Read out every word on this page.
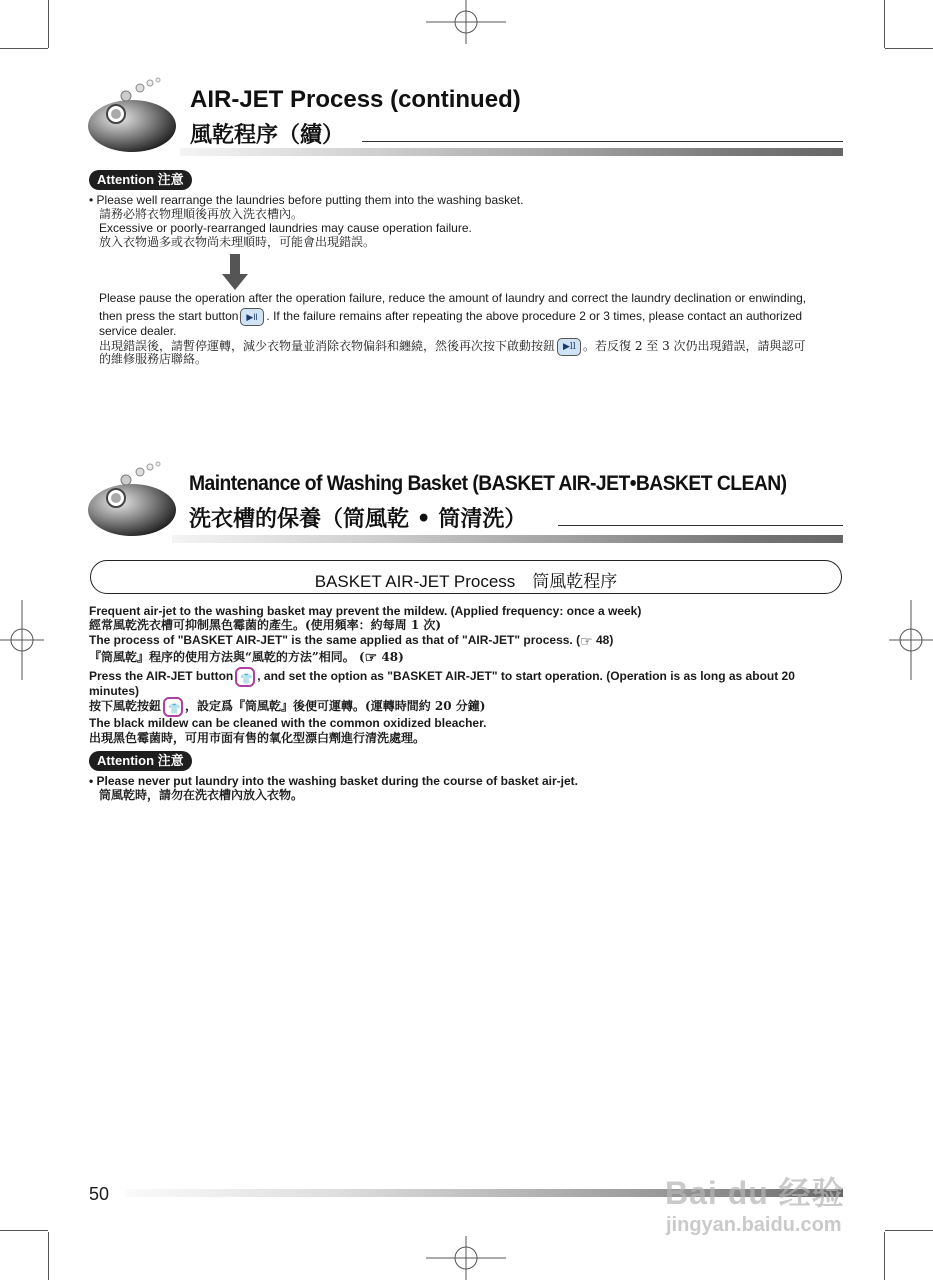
AIR-JET Process (continued)
風乾程序（續）
Attention 注意
• Please well rearrange the laundries before putting them into the washing basket.
請務必將衣物理順後再放入洗衣槽內。
Excessive or poorly-rearranged laundries may cause operation failure.
放入衣物過多或衣物尚未理順時，可能會出現錯誤。
Please pause the operation after the operation failure, reduce the amount of laundry and correct the laundry declination or enwinding,
then press the start button ▶ll . If the failure remains after repeating the above procedure 2 or 3 times, please contact an authorized
service dealer.
出現錯誤後，請暫停運轉，減少衣物量並消除衣物偏斜和纏繞，然後再次按下啟動按鈕 ▶ll 。若反復 2 至 3 次仍出現錯誤，請與認可
的維修服務店聯絡。
Maintenance of Washing Basket (BASKET AIR-JET•BASKET CLEAN)
洗衣槽的保養（筒風乾 • 筒清洗）
BASKET AIR-JET Process　筒風乾程序
Frequent air-jet to the washing basket may prevent the mildew. (Applied frequency: once a week)
經常風乾洗衣槽可抑制黑色霉菌的產生。(使用頻率：約每周 1 次)
The process of "BASKET AIR-JET" is the same applied as that of "AIR-JET" process. (☞ 48)
『筒風乾』程序的使用方法與“風乾的方法”相同。 (☞ 48)
Press the AIR-JET button 👕 , and set the option as "BASKET AIR-JET" to start operation. (Operation is as long as about 20
minutes)
按下風乾按鈕 👕 ，設定爲『筒風乾』後便可運轉。(運轉時間約 20 分鐘)
The black mildew can be cleaned with the common oxidized bleacher.
出現黑色霉菌時，可用市面有售的氧化型漂白劑進行清洗處理。
Attention 注意
• Please never put laundry into the washing basket during the course of basket air-jet.
筒風乾時，請勿在洗衣槽內放入衣物。
50	Bai du 经验
jingyan.baidu.com
